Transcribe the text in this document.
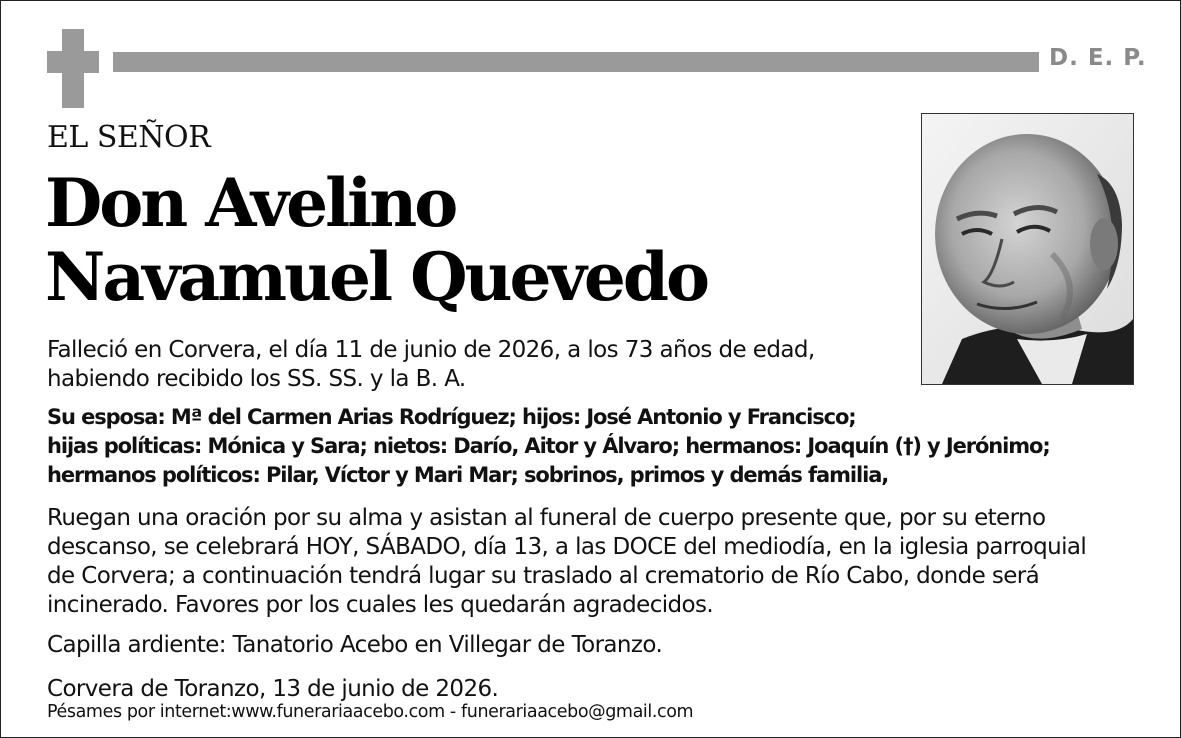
D. E. P.
EL SEÑOR
Don Avelino
Navamuel Quevedo
Falleció en Corvera, el día 11 de junio de 2026, a los 73 años de edad,
habiendo recibido los SS. SS. y la B. A.
Su esposa: Mª del Carmen Arias Rodríguez; hijos: José Antonio y Francisco;
hijas políticas: Mónica y Sara; nietos: Darío, Aitor y Álvaro; hermanos: Joaquín (†) y Jerónimo;
hermanos políticos: Pilar, Víctor y Mari Mar; sobrinos, primos y demás familia,
Ruegan una oración por su alma y asistan al funeral de cuerpo presente que, por su eterno
descanso, se celebrará HOY, SÁBADO, día 13, a las DOCE del mediodía, en la iglesia parroquial
de Corvera; a continuación tendrá lugar su traslado al crematorio de Río Cabo, donde será
incinerado. Favores por los cuales les quedarán agradecidos.
Capilla ardiente: Tanatorio Acebo en Villegar de Toranzo.
Corvera de Toranzo, 13 de junio de 2026.
Pésames por internet:www.funerariaacebo.com - funerariaacebo@gmail.com
